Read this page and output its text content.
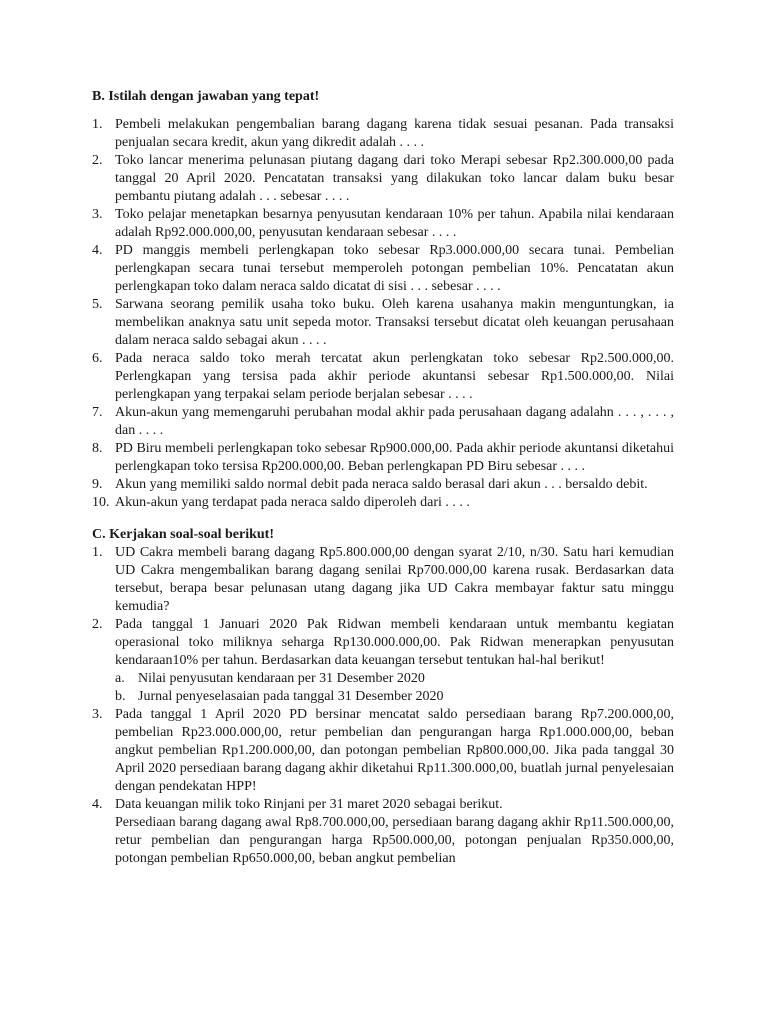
B. Istilah dengan jawaban yang tepat!
1. Pembeli melakukan pengembalian barang dagang karena tidak sesuai pesanan. Pada transaksi penjualan secara kredit, akun yang dikredit adalah . . . .
2. Toko lancar menerima pelunasan piutang dagang dari toko Merapi sebesar Rp2.300.000,00 pada tanggal 20 April 2020. Pencatatan transaksi yang dilakukan toko lancar dalam buku besar pembantu piutang adalah . . . sebesar . . . .
3. Toko pelajar menetapkan besarnya penyusutan kendaraan 10% per tahun. Apabila nilai kendaraan adalah Rp92.000.000,00, penyusutan kendaraan sebesar . . . .
4. PD manggis membeli perlengkapan toko sebesar Rp3.000.000,00 secara tunai. Pembelian perlengkapan secara tunai tersebut memperoleh potongan pembelian 10%. Pencatatan akun perlengkapan toko dalam neraca saldo dicatat di sisi . . . sebesar . . . .
5. Sarwana seorang pemilik usaha toko buku. Oleh karena usahanya makin menguntungkan, ia membelikan anaknya satu unit sepeda motor. Transaksi tersebut dicatat oleh keuangan perusahaan dalam neraca saldo sebagai akun . . . .
6. Pada neraca saldo toko merah tercatat akun perlengkatan toko sebesar Rp2.500.000,00. Perlengkapan yang tersisa pada akhir periode akuntansi sebesar Rp1.500.000,00. Nilai perlengkapan yang terpakai selam periode berjalan sebesar . . . .
7. Akun-akun yang memengaruhi perubahan modal akhir pada perusahaan dagang adalahn . . . , . . . , dan . . . .
8. PD Biru membeli perlengkapan toko sebesar Rp900.000,00. Pada akhir periode akuntansi diketahui perlengkapan toko tersisa Rp200.000,00. Beban perlengkapan PD Biru sebesar . . . .
9. Akun yang memiliki saldo normal debit pada neraca saldo berasal dari akun . . . bersaldo debit.
10. Akun-akun yang terdapat pada neraca saldo diperoleh dari . . . .
C. Kerjakan soal-soal berikut!
1. UD Cakra membeli barang dagang Rp5.800.000,00 dengan syarat 2/10, n/30. Satu hari kemudian UD Cakra mengembalikan barang dagang senilai Rp700.000,00 karena rusak. Berdasarkan data tersebut, berapa besar pelunasan utang dagang jika UD Cakra membayar faktur satu minggu kemudia?
2. Pada tanggal 1 Januari 2020 Pak Ridwan membeli kendaraan untuk membantu kegiatan operasional toko miliknya seharga Rp130.000.000,00. Pak Ridwan menerapkan penyusutan kendaraan10% per tahun. Berdasarkan data keuangan tersebut tentukan hal-hal berikut!
a. Nilai penyusutan kendaraan per 31 Desember 2020
b. Jurnal penyeselasaian pada tanggal 31 Desember 2020
3. Pada tanggal 1 April 2020 PD bersinar mencatat saldo persediaan barang Rp7.200.000,00, pembelian Rp23.000.000,00, retur pembelian dan pengurangan harga Rp1.000.000,00, beban angkut pembelian Rp1.200.000,00, dan potongan pembelian Rp800.000,00. Jika pada tanggal 30 April 2020 persediaan barang dagang akhir diketahui Rp11.300.000,00, buatlah jurnal penyelesaian dengan pendekatan HPP!
4. Data keuangan milik toko Rinjani per 31 maret 2020 sebagai berikut.
Persediaan barang dagang awal Rp8.700.000,00, persediaan barang dagang akhir Rp11.500.000,00, retur pembelian dan pengurangan harga Rp500.000,00, potongan penjualan Rp350.000,00, potongan pembelian Rp650.000,00, beban angkut pembelian
